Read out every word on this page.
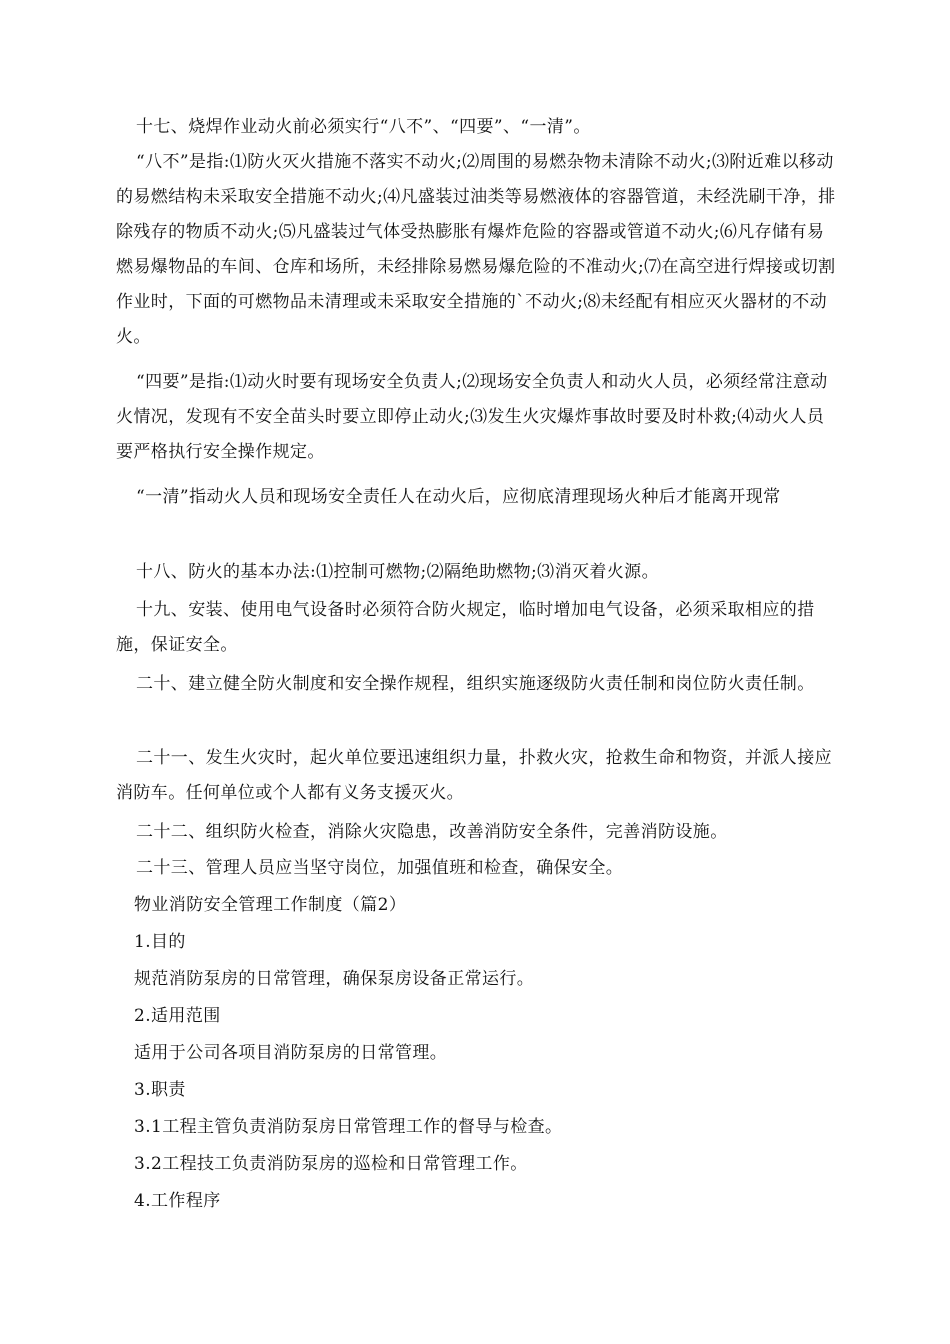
十七、烧焊作业动火前必须实行“八不”、“四要”、“一清”。

“八不”是指:⑴防火灭火措施不落实不动火;⑵周围的易燃杂物未清除不动火;⑶附近难以移动的易燃结构未采取安全措施不动火;⑷凡盛装过油类等易燃液体的容器管道，未经洗刷干净，排除残存的物质不动火;⑸凡盛装过气体受热膨胀有爆炸危险的容器或管道不动火;⑹凡存储有易燃易爆物品的车间、仓库和场所，未经排除易燃易爆危险的不准动火;⑺在高空进行焊接或切割作业时，下面的可燃物品未清理或未采取安全措施的`不动火;⑻未经配有相应灭火器材的不动火。

“四要”是指:⑴动火时要有现场安全负责人;⑵现场安全负责人和动火人员，必须经常注意动火情况，发现有不安全苗头时要立即停止动火;⑶发生火灾爆炸事故时要及时朴救;⑷动火人员要严格执行安全操作规定。

“一清”指动火人员和现场安全责任人在动火后，应彻底清理现场火种后才能离开现常

十八、防火的基本办法:⑴控制可燃物;⑵隔绝助燃物;⑶消灭着火源。

十九、安装、使用电气设备时必须符合防火规定，临时增加电气设备，必须采取相应的措施，保证安全。

二十、建立健全防火制度和安全操作规程，组织实施逐级防火责任制和岗位防火责任制。

二十一、发生火灾时，起火单位要迅速组织力量，扑救火灾，抢救生命和物资，并派人接应消防车。任何单位或个人都有义务支援灭火。

二十二、组织防火检查，消除火灾隐患，改善消防安全条件，完善消防设施。

二十三、管理人员应当坚守岗位，加强值班和检查，确保安全。

物业消防安全管理工作制度（篇2）

1.目的

规范消防泵房的日常管理，确保泵房设备正常运行。

2.适用范围

适用于公司各项目消防泵房的日常管理。

3.职责

3.1工程主管负责消防泵房日常管理工作的督导与检查。

3.2工程技工负责消防泵房的巡检和日常管理工作。

4.工作程序
